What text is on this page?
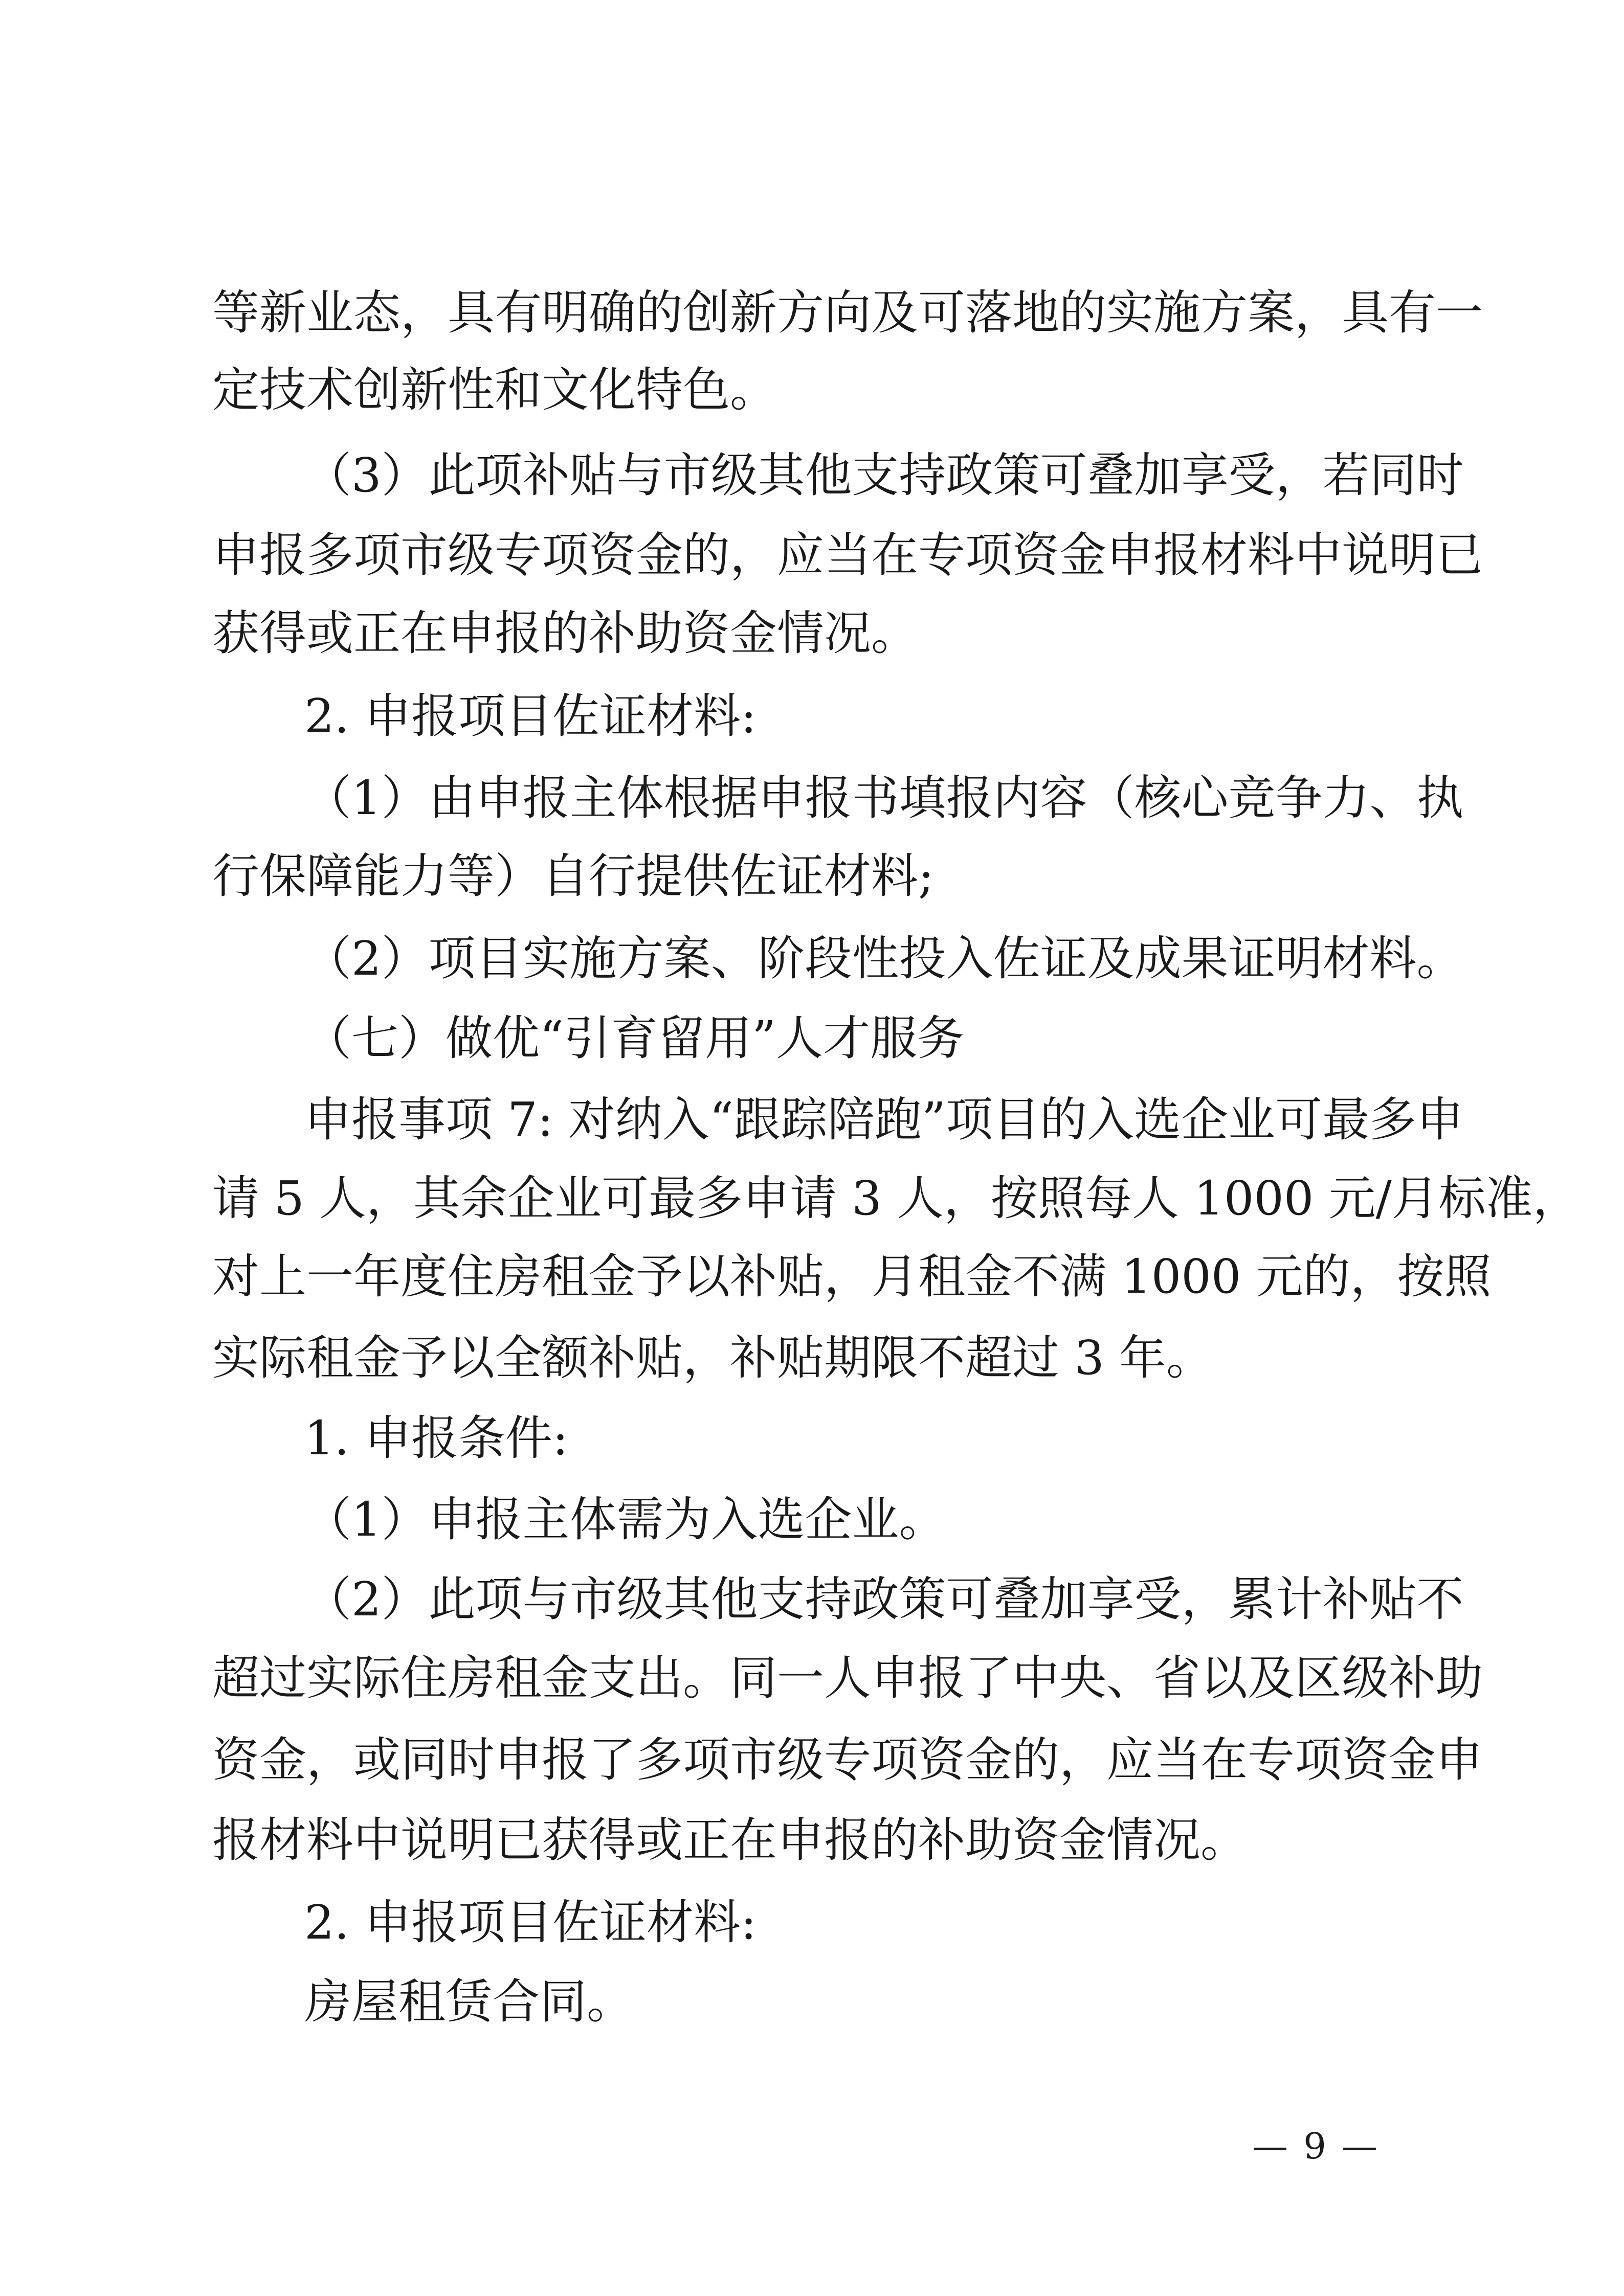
等新业态，具有明确的创新方向及可落地的实施方案，具有一
定技术创新性和文化特色。
（3）此项补贴与市级其他支持政策可叠加享受，若同时
申报多项市级专项资金的，应当在专项资金申报材料中说明已
获得或正在申报的补助资金情况。
2. 申报项目佐证材料:
（1）由申报主体根据申报书填报内容（核心竞争力、执
行保障能力等）自行提供佐证材料;
（2）项目实施方案、阶段性投入佐证及成果证明材料。
（七）做优“引育留用”人才服务
申报事项 7: 对纳入“跟踪陪跑”项目的入选企业可最多申
请 5 人，其余企业可最多申请 3 人，按照每人 1000 元/月标准，
对上一年度住房租金予以补贴，月租金不满 1000 元的，按照
实际租金予以全额补贴，补贴期限不超过 3 年。
1. 申报条件:
（1）申报主体需为入选企业。
（2）此项与市级其他支持政策可叠加享受，累计补贴不
超过实际住房租金支出。同一人申报了中央、省以及区级补助
资金，或同时申报了多项市级专项资金的，应当在专项资金申
报材料中说明已获得或正在申报的补助资金情况。
2. 申报项目佐证材料:
房屋租赁合同。
— 9 —
